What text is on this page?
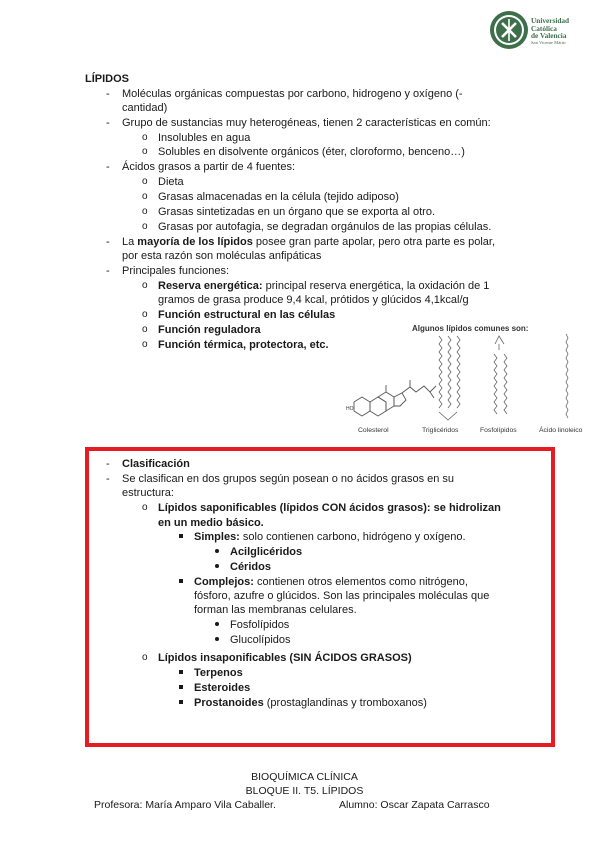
Universidad
Católica
de Valencia
San Vicente Mártir
LÍPIDOS
- Moléculas orgánicas compuestas por carbono, hidrogeno y oxígeno (-
cantidad)
- Grupo de sustancias muy heterogéneas, tienen 2 características en común:
o Insolubles en agua
o Solubles en disolvente orgánicos (éter, cloroformo, benceno…)
- Ácidos grasos a partir de 4 fuentes:
o Dieta
o Grasas almacenadas en la célula (tejido adiposo)
o Grasas sintetizadas en un órgano que se exporta al otro.
o Grasas por autofagia, se degradan orgánulos de las propias células.
- La mayoría de los lípidos posee gran parte apolar, pero otra parte es polar,
por esta razón son moléculas anfipáticas
- Principales funciones:
o Reserva energética: principal reserva energética, la oxidación de 1
gramos de grasa produce 9,4 kcal, prótidos y glúcidos 4,1kcal/g
o Función estructural en las células
o Función reguladora
o Función térmica, protectora, etc.
Algunos lípidos comunes son:
HO
Colesterol	Triglicéridos	Fosfolípidos	Ácido linoleico
- Clasificación
- Se clasifican en dos grupos según posean o no ácidos grasos en su
estructura:
o Lípidos saponificables (lípidos CON ácidos grasos): se hidrolizan
en un medio básico.
Simples: solo contienen carbono, hidrógeno y oxígeno.
Acilglicéridos
Céridos
Complejos: contienen otros elementos como nitrógeno,
fósforo, azufre o glúcidos. Son las principales moléculas que
forman las membranas celulares.
Fosfolípidos
Glucolípidos
o Lípidos insaponificables (SIN ÁCIDOS GRASOS)
Terpenos
Esteroides
Prostanoides (prostaglandinas y tromboxanos)
BIOQUÍMICA CLÍNICA
BLOQUE II. T5. LÍPIDOS
Profesora: María Amparo Vila Caballer.	Alumno: Oscar Zapata Carrasco
